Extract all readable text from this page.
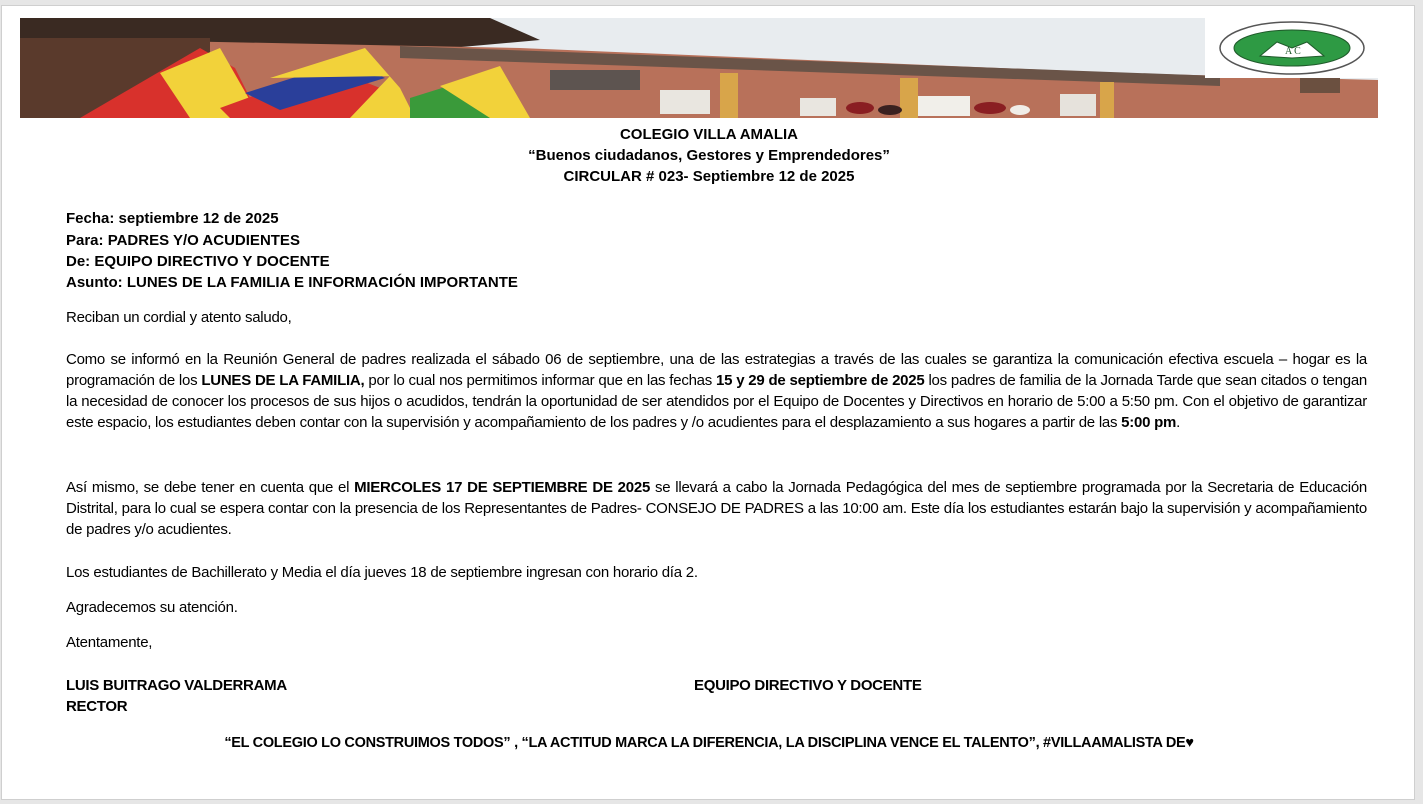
A C
COLEGIO VILLA AMALIA
“Buenos ciudadanos, Gestores y Emprendedores”
CIRCULAR # 023- Septiembre 12 de 2025
Fecha: septiembre 12 de 2025
Para: PADRES Y/O ACUDIENTES
De: EQUIPO DIRECTIVO Y DOCENTE
Asunto: LUNES DE LA FAMILIA E INFORMACIÓN IMPORTANTE
Reciban un cordial y atento saludo,
Como se informó en la Reunión General de padres realizada el sábado 06 de septiembre, una de las estrategias a través de las cuales se garantiza la comunicación efectiva escuela – hogar es la programación de los LUNES DE LA FAMILIA, por lo cual nos permitimos informar que en las fechas 15 y 29 de septiembre de 2025 los padres de familia de la Jornada Tarde que sean citados o tengan la necesidad de conocer los procesos de sus hijos o acudidos, tendrán la oportunidad de ser atendidos por el Equipo de Docentes y Directivos en horario de 5:00 a 5:50 pm. Con el objetivo de garantizar este espacio, los estudiantes deben contar con la supervisión y acompañamiento de los padres y /o acudientes para el desplazamiento a sus hogares a partir de las 5:00 pm.
Así mismo, se debe tener en cuenta que el MIERCOLES 17 DE SEPTIEMBRE DE 2025 se llevará a cabo la Jornada Pedagógica del mes de septiembre programada por la Secretaria de Educación Distrital, para lo cual se espera contar con la presencia de los Representantes de Padres- CONSEJO DE PADRES a las 10:00 am. Este día los estudiantes estarán bajo la supervisión y acompañamiento de padres y/o acudientes.
Los estudiantes de Bachillerato y Media el día jueves 18 de septiembre ingresan con horario día 2.
Agradecemos su atención.
Atentamente,
LUIS BUITRAGO VALDERRAMA
RECTOR
EQUIPO DIRECTIVO Y DOCENTE
“EL COLEGIO LO CONSTRUIMOS TODOS” , “LA ACTITUD MARCA LA DIFERENCIA, LA DISCIPLINA VENCE EL TALENTO”, #VILLAAMALISTA DE♥
